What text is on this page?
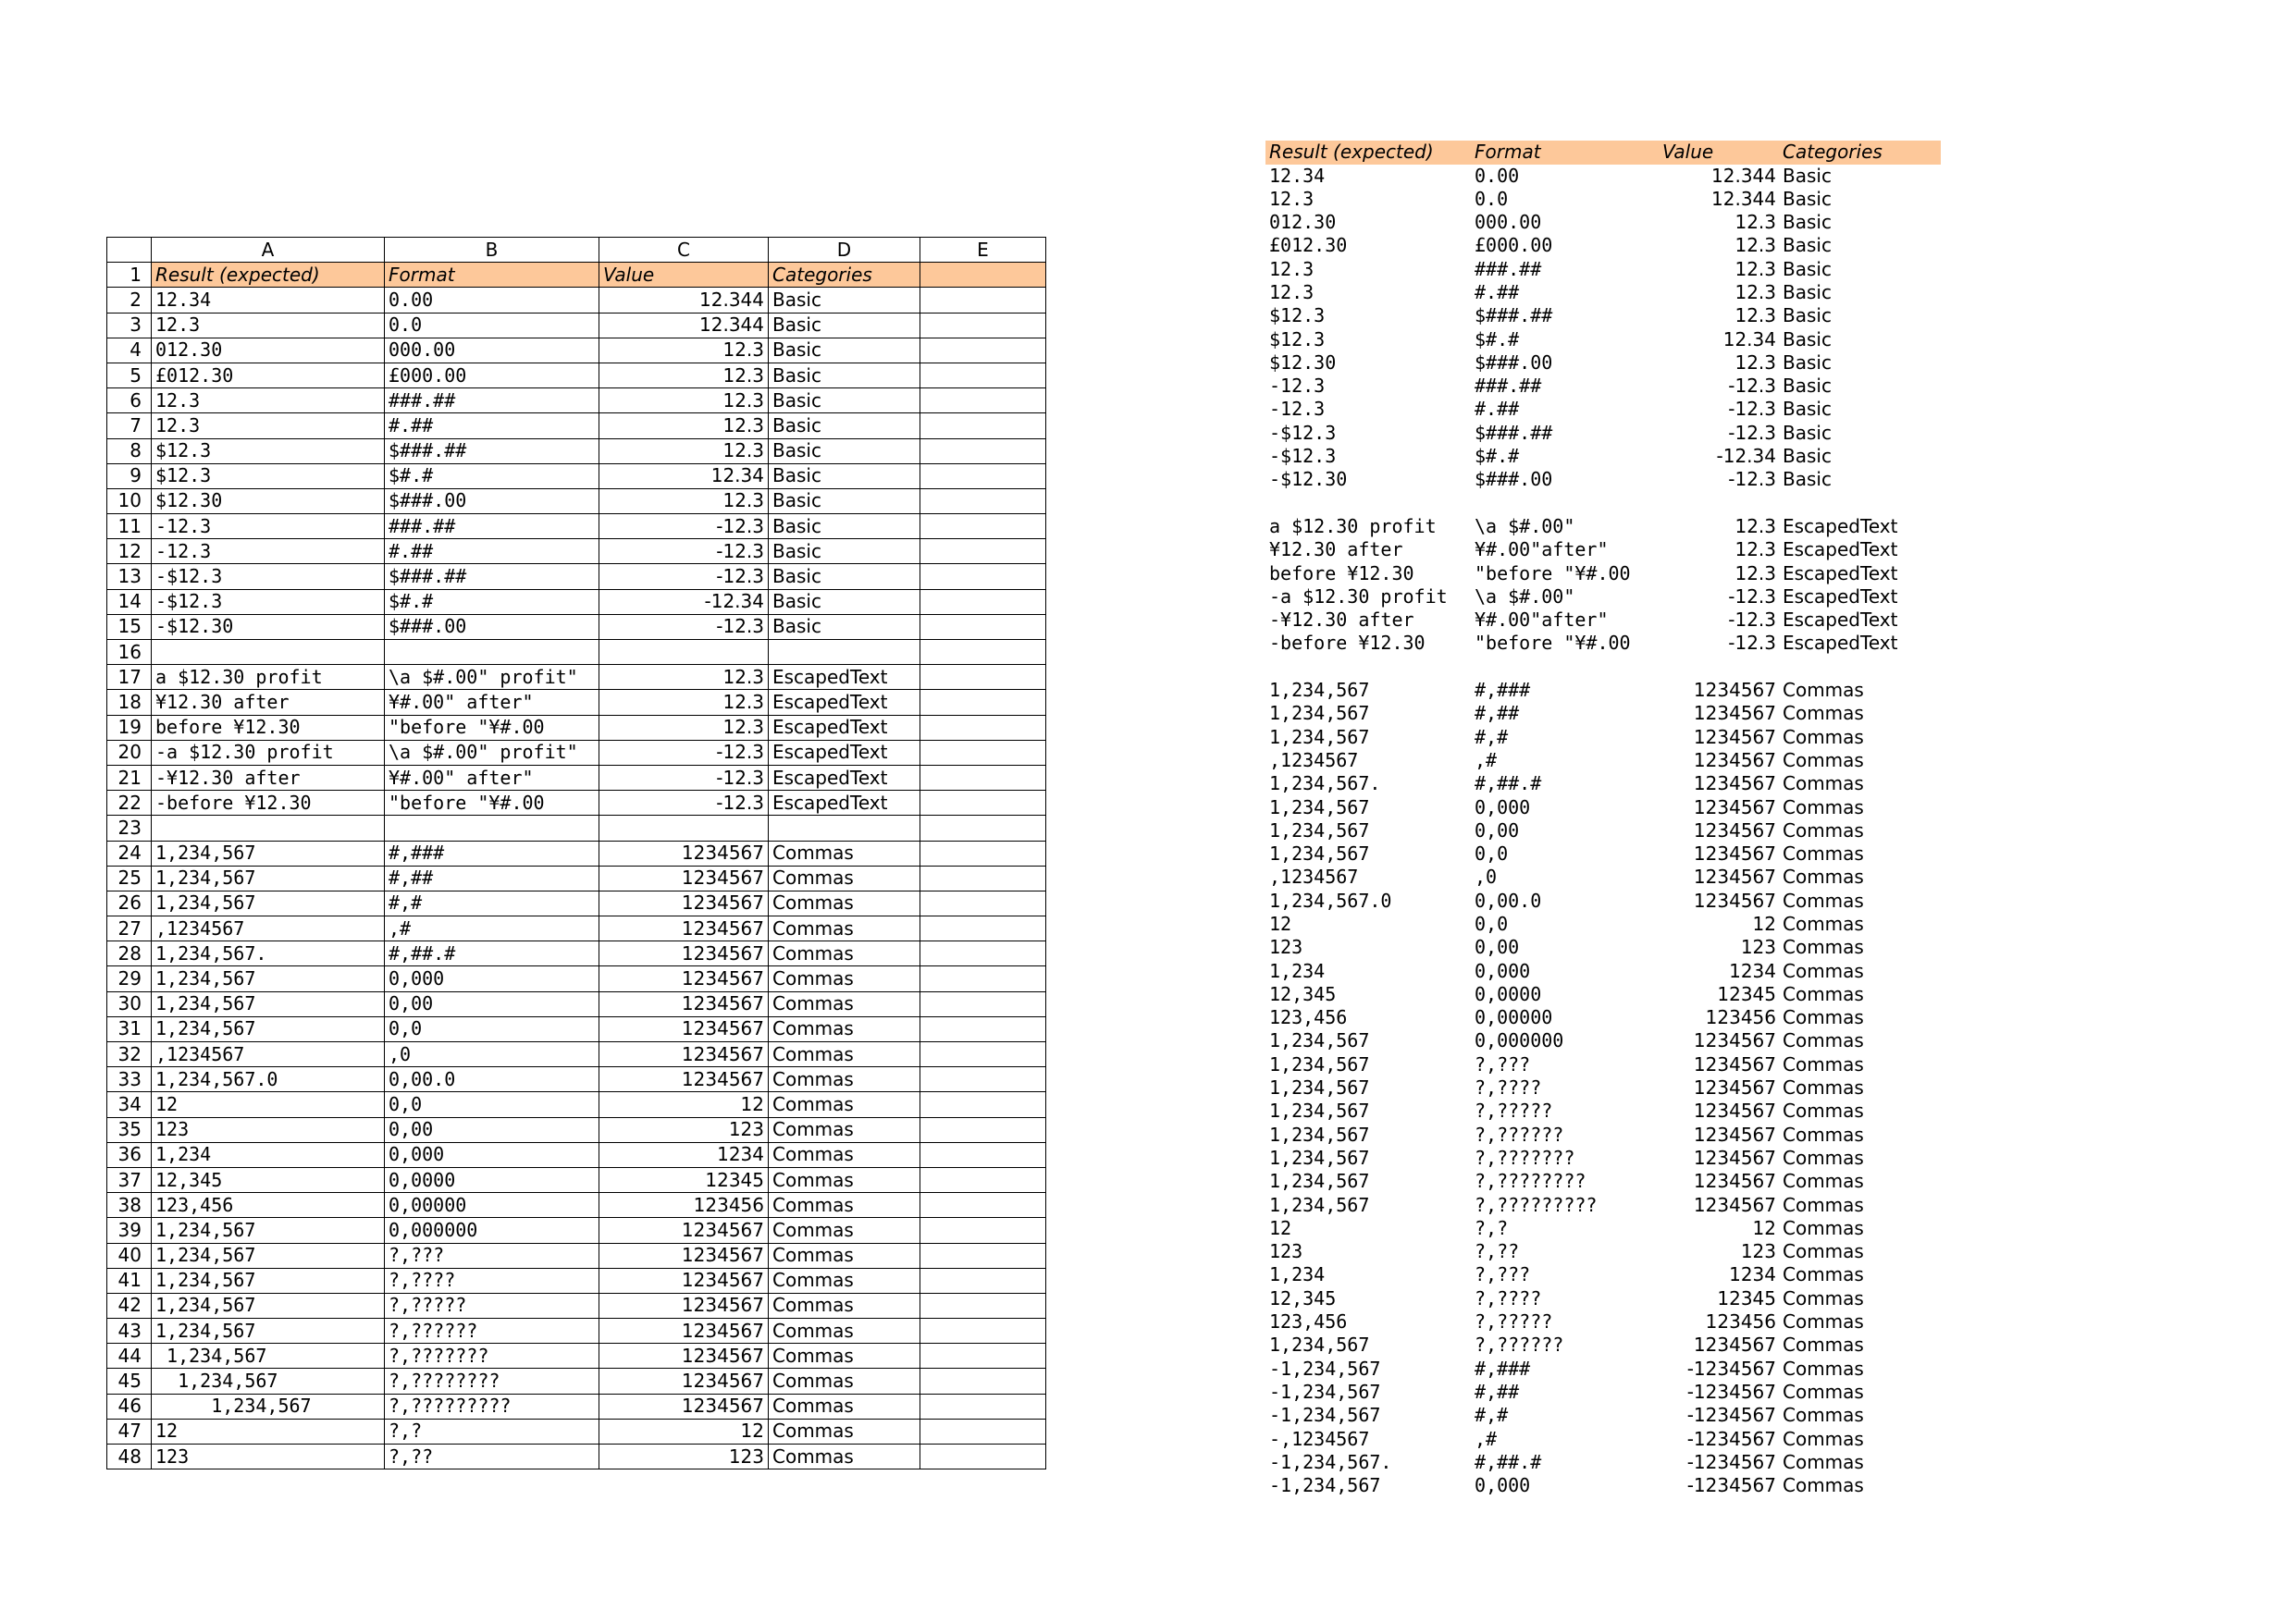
	A	B	C	D	E
1	Result (expected)	Format	Value	Categories	
2	12.34	0.00	12.344	Basic	
3	12.3	0.0	12.344	Basic	
4	012.30	000.00	12.3	Basic	
5	£012.30	£000.00	12.3	Basic	
6	12.3	###.##	12.3	Basic	
7	12.3	#.##	12.3	Basic	
8	$12.3	$###.##	12.3	Basic	
9	$12.3	$#.#	12.34	Basic	
10	$12.30	$###.00	12.3	Basic	
11	-12.3	###.##	-12.3	Basic	
12	-12.3	#.##	-12.3	Basic	
13	-$12.3	$###.##	-12.3	Basic	
14	-$12.3	$#.#	-12.34	Basic	
15	-$12.30	$###.00	-12.3	Basic	
16					
17	a $12.30 profit	\a $#.00" profit"	12.3	EscapedText	
18	¥12.30 after	¥#.00" after"	12.3	EscapedText	
19	before ¥12.30	"before "¥#.00	12.3	EscapedText	
20	-a $12.30 profit	\a $#.00" profit"	-12.3	EscapedText	
21	-¥12.30 after	¥#.00" after"	-12.3	EscapedText	
22	-before ¥12.30	"before "¥#.00	-12.3	EscapedText	
23					
24	1,234,567	#,###	1234567	Commas	
25	1,234,567	#,##	1234567	Commas	
26	1,234,567	#,#	1234567	Commas	
27	,1234567	,#	1234567	Commas	
28	1,234,567.	#,##.#	1234567	Commas	
29	1,234,567	0,000	1234567	Commas	
30	1,234,567	0,00	1234567	Commas	
31	1,234,567	0,0	1234567	Commas	
32	,1234567	,0	1234567	Commas	
33	1,234,567.0	0,00.0	1234567	Commas	
34	12	0,0	12	Commas	
35	123	0,00	123	Commas	
36	1,234	0,000	1234	Commas	
37	12,345	0,0000	12345	Commas	
38	123,456	0,00000	123456	Commas	
39	1,234,567	0,000000	1234567	Commas	
40	1,234,567	?,???	1234567	Commas	
41	1,234,567	?,????	1234567	Commas	
42	1,234,567	?,?????	1234567	Commas	
43	1,234,567	?,??????	1234567	Commas	
44	1,234,567	?,???????	1234567	Commas	
45	1,234,567	?,????????	1234567	Commas	
46	1,234,567	?,?????????	1234567	Commas	
47	12	?,?	12	Commas	
48	123	?,??	123	Commas	
Result (expected)	Format	Value	Categories
12.34	0.00	12.344 Basic
12.3	0.0	12.344 Basic
012.30	000.00	12.3 Basic
£012.30	£000.00	12.3 Basic
12.3	###.##	12.3 Basic
12.3	#.##	12.3 Basic
$12.3	$###.##	12.3 Basic
$12.3	$#.#	12.34 Basic
$12.30	$###.00	12.3 Basic
-12.3	###.##	-12.3 Basic
-12.3	#.##	-12.3 Basic
-$12.3	$###.##	-12.3 Basic
-$12.3	$#.#	-12.34 Basic
-$12.30	$###.00	-12.3 Basic
a $12.30 profit	\a $#.00"	12.3 EscapedText
¥12.30 after	¥#.00"after"	12.3 EscapedText
before ¥12.30	"before "¥#.00	12.3 EscapedText
-a $12.30 profit	\a $#.00"	-12.3 EscapedText
-¥12.30 after	¥#.00"after"	-12.3 EscapedText
-before ¥12.30	"before "¥#.00	-12.3 EscapedText
1,234,567	#,###	1234567 Commas
1,234,567	#,##	1234567 Commas
1,234,567	#,#	1234567 Commas
,1234567	,#	1234567 Commas
1,234,567.	#,##.#	1234567 Commas
1,234,567	0,000	1234567 Commas
1,234,567	0,00	1234567 Commas
1,234,567	0,0	1234567 Commas
,1234567	,0	1234567 Commas
1,234,567.0	0,00.0	1234567 Commas
12	0,0	12 Commas
123	0,00	123 Commas
1,234	0,000	1234 Commas
12,345	0,0000	12345 Commas
123,456	0,00000	123456 Commas
1,234,567	0,000000	1234567 Commas
1,234,567	?,???	1234567 Commas
1,234,567	?,????	1234567 Commas
1,234,567	?,?????	1234567 Commas
1,234,567	?,??????	1234567 Commas
1,234,567	?,???????	1234567 Commas
1,234,567	?,????????	1234567 Commas
1,234,567	?,?????????	1234567 Commas
12	?,?	12 Commas
123	?,??	123 Commas
1,234	?,???	1234 Commas
12,345	?,????	12345 Commas
123,456	?,?????	123456 Commas
1,234,567	?,??????	1234567 Commas
-1,234,567	#,###	-1234567 Commas
-1,234,567	#,##	-1234567 Commas
-1,234,567	#,#	-1234567 Commas
-,1234567	,#	-1234567 Commas
-1,234,567.	#,##.#	-1234567 Commas
-1,234,567	0,000	-1234567 Commas
